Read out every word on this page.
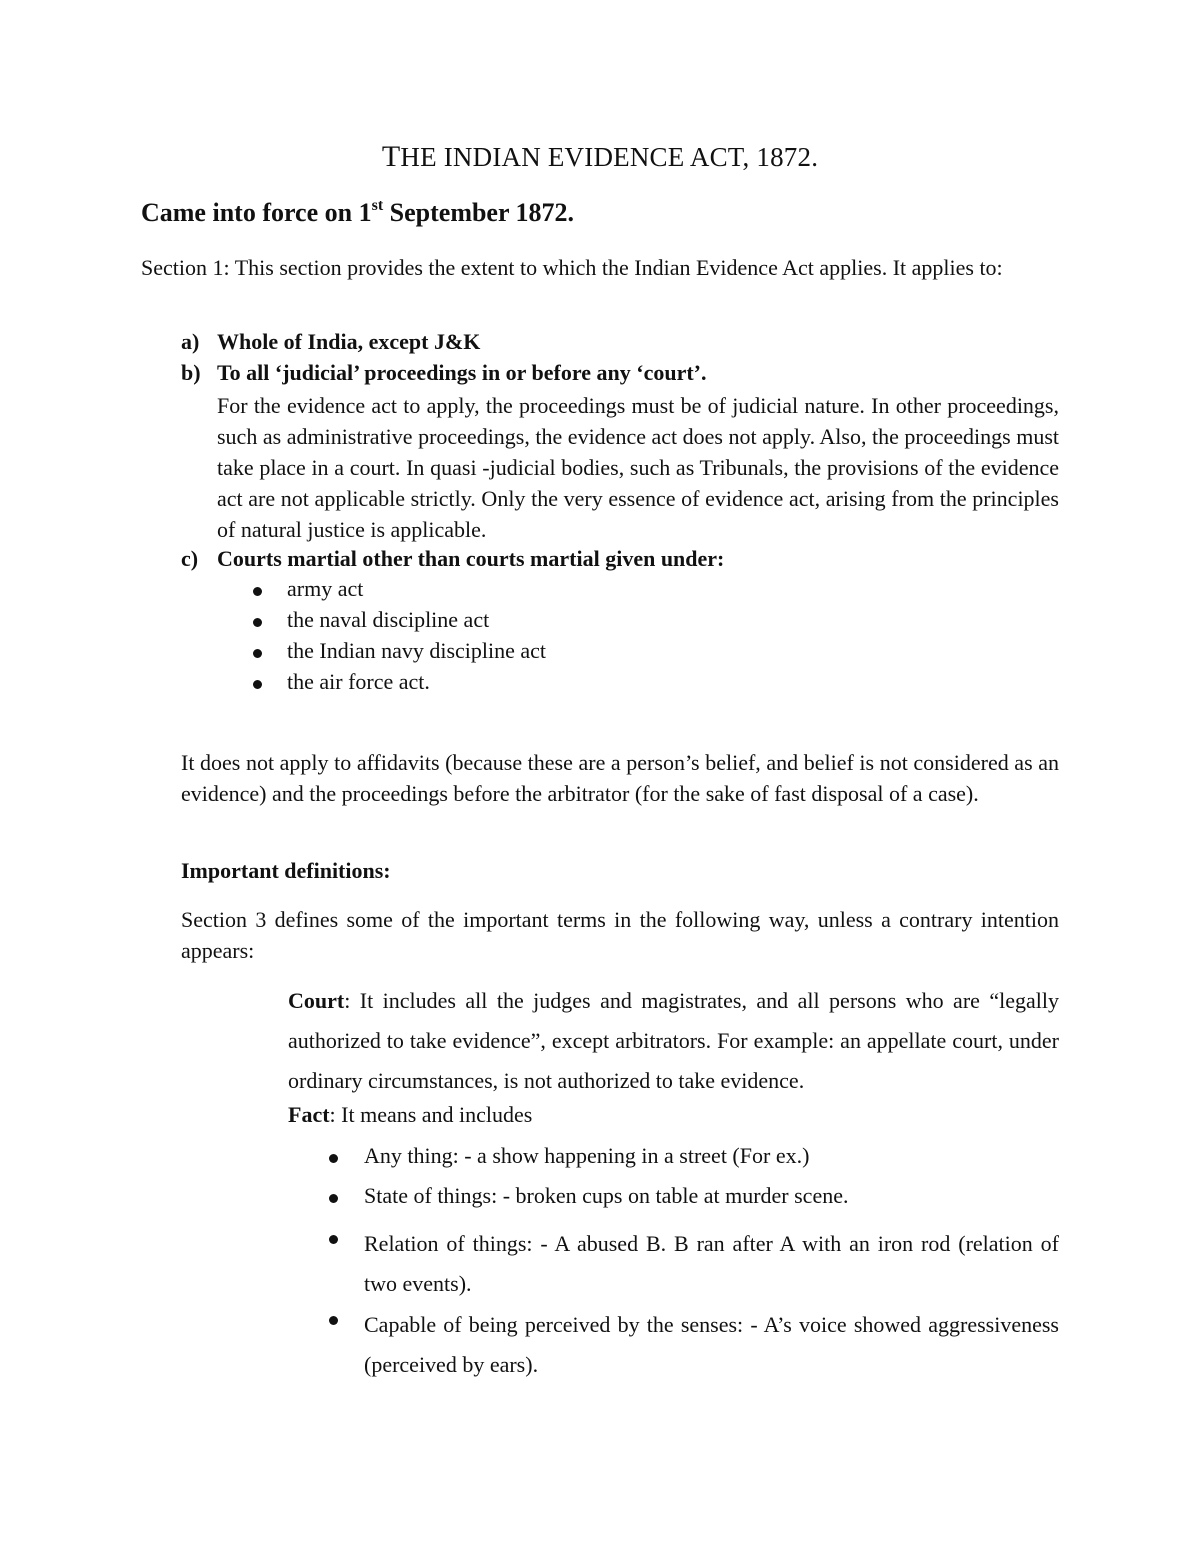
THE INDIAN EVIDENCE ACT, 1872.
Came into force on 1st September 1872.

Section 1: This section provides the extent to which the Indian Evidence Act applies. It applies to:

a) Whole of India, except J&K
b) To all ‘judicial’ proceedings in or before any ‘court’.

For the evidence act to apply, the proceedings must be of judicial nature. In other proceedings, such as administrative proceedings, the evidence act does not apply. Also, the proceedings must take place in a court. In quasi -judicial bodies, such as Tribunals, the provisions of the evidence act are not applicable strictly. Only the very essence of evidence act, arising from the principles of natural justice is applicable.

c) Courts martial other than courts martial given under:
army act
the naval discipline act
the Indian navy discipline act
the air force act.

It does not apply to affidavits (because these are a person’s belief, and belief is not considered as an evidence) and the proceedings before the arbitrator (for the sake of fast disposal of a case).

Important definitions:

Section 3 defines some of the important terms in the following way, unless a contrary intention appears:

Court: It includes all the judges and magistrates, and all persons who are “legally authorized to take evidence”, except arbitrators. For example: an appellate court, under ordinary circumstances, is not authorized to take evidence.

Fact: It means and includes
Any thing: - a show happening in a street (For ex.)
State of things: - broken cups on table at murder scene.

Relation of things: - A abused B. B ran after A with an iron rod (relation of two events).

Capable of being perceived by the senses: - A’s voice showed aggressiveness (perceived by ears).
